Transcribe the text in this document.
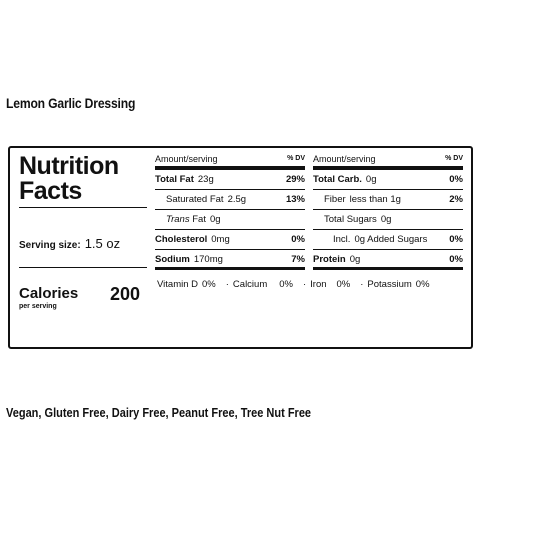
Lemon Garlic Dressing
Nutrition
Facts
Serving size: 1.5 oz
Calories
per serving
200
Amount/serving	% DV
Total Fat 23g	29%
Saturated Fat 2.5g	13%
Trans Fat 0g
Cholesterol 0mg	0%
Sodium 170mg	7%
Amount/serving	% DV
Total Carb. 0g	0%
Fiber less than 1g	2%
Total Sugars 0g
Incl. 0g Added Sugars 0%
Protein 0g	0%
Vitamin D 0% · Calcium 0% · Iron 0% · Potassium 0%
Vegan, Gluten Free, Dairy Free, Peanut Free, Tree Nut Free
